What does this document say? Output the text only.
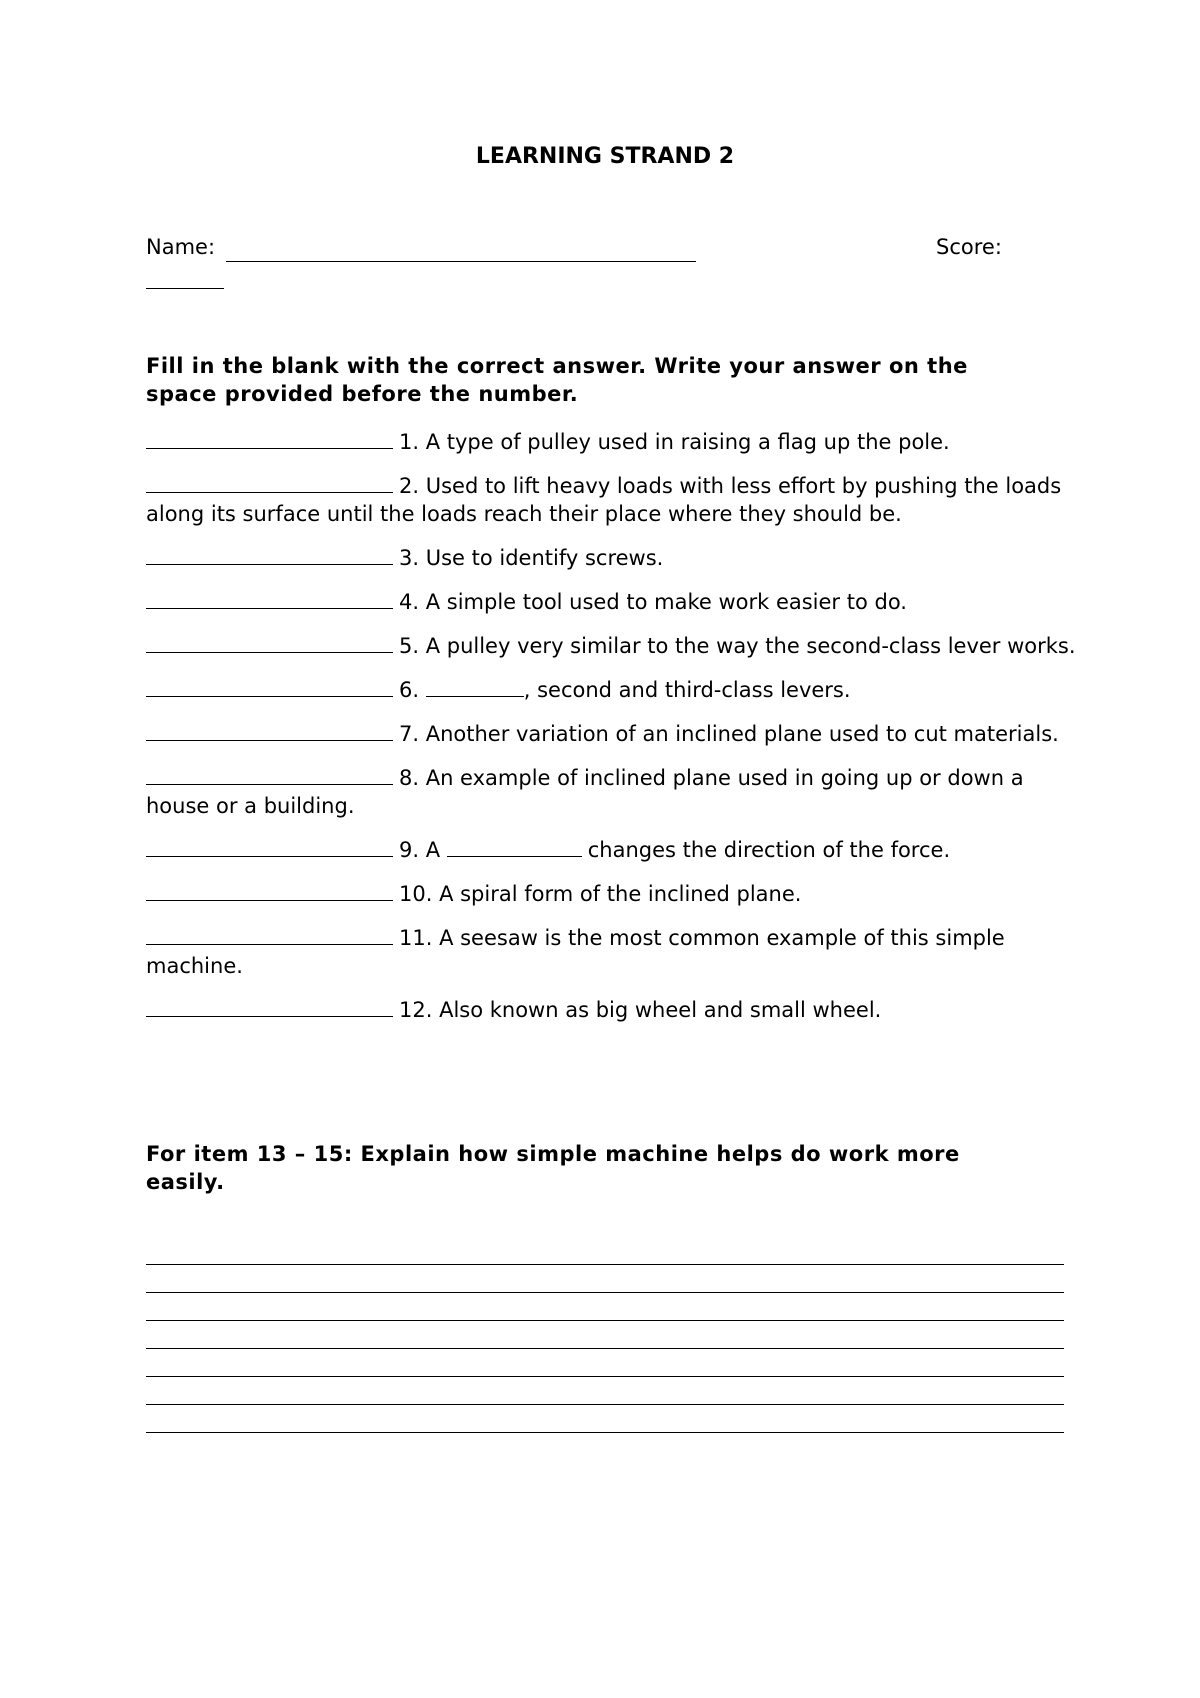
LEARNING STRAND 2
Name:	Score:
Fill in the blank with the correct answer. Write your answer on the space provided before the number.
1. A type of pulley used in raising a flag up the pole.
2. Used to lift heavy loads with less effort by pushing the loads along its surface until the loads reach their place where they should be.
3. Use to identify screws.
4. A simple tool used to make work easier to do.
5. A pulley very similar to the way the second-class lever works.
6.	, second and third-class levers.
7. Another variation of an inclined plane used to cut materials.
8. An example of inclined plane used in going up or down a house or a building.
9. A	changes the direction of the force.
10. A spiral form of the inclined plane.
11. A seesaw is the most common example of this simple machine.
12. Also known as big wheel and small wheel.
For item 13 – 15: Explain how simple machine helps do work more easily.
